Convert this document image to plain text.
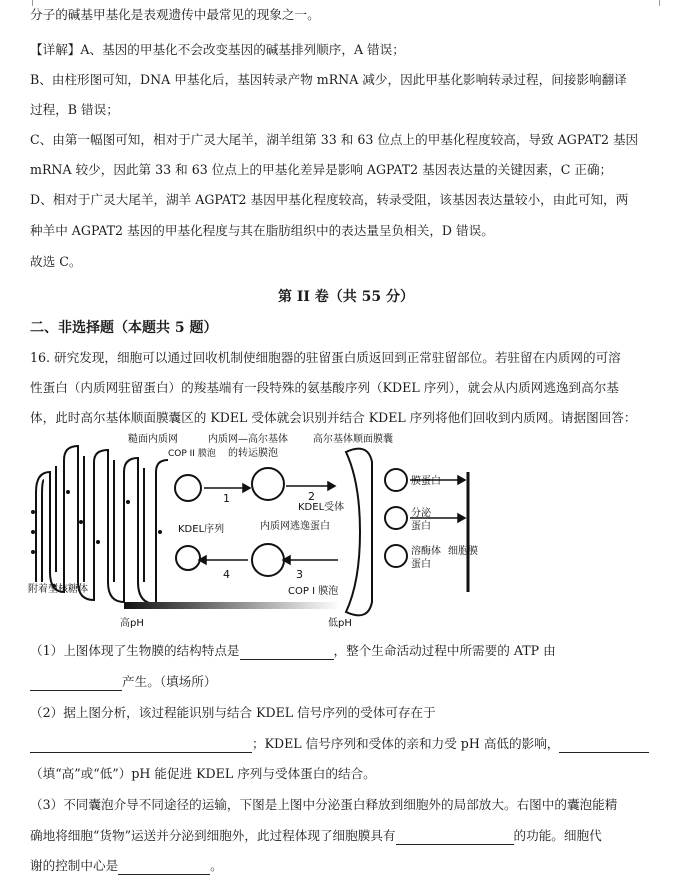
分子的碱基甲基化是表观遗传中最常见的现象之一。
【详解】A、基因的甲基化不会改变基因的碱基排列顺序，A 错误；
B、由柱形图可知，DNA 甲基化后，基因转录产物 mRNA 减少，因此甲基化影响转录过程，间接影响翻译
过程，B 错误；
C、由第一幅图可知，相对于广灵大尾羊，湖羊组第 33 和 63 位点上的甲基化程度较高，导致 AGPAT2 基因
mRNA 较少，因此第 33 和 63 位点上的甲基化差异是影响 AGPAT2 基因表达量的关键因素，C 正确；
D、相对于广灵大尾羊，湖羊 AGPAT2 基因甲基化程度较高，转录受阻，该基因表达量较小，由此可知，两
种羊中 AGPAT2 基因的甲基化程度与其在脂肪组织中的表达量呈负相关，D 错误。
故选 C。
第 II 卷（共 55 分）
二、非选择题（本题共 5 题）
16. 研究发现，细胞可以通过回收机制使细胞器的驻留蛋白质返回到正常驻留部位。若驻留在内质网的可溶
性蛋白（内质网驻留蛋白）的羧基端有一段特殊的氨基酸序列（KDEL 序列），就会从内质网逃逸到高尔基
体，此时高尔基体顺面膜囊区的 KDEL 受体就会识别并结合 KDEL 序列将他们回收到内质网。请据图回答：
糙面内质网
COP II 膜泡
内质网—高尔基体
的转运膜泡
高尔基体顺面膜囊
KDEL受体
KDEL序列	内质网逃逸蛋白
膜蛋白
分泌
蛋白
溶酶体
蛋白
细胞膜
COP I 膜泡
附着型核糖体
高pH	低pH
1	2
3
4
（1）上图体现了生物膜的结构特点是	，整个生命活动过程中所需要的 ATP 由
产生。（填场所）
（2）据上图分析，该过程能识别与结合 KDEL 信号序列的受体可存在于
；KDEL 信号序列和受体的亲和力受 pH 高低的影响，
（填“高”或“低”）pH 能促进 KDEL 序列与受体蛋白的结合。
（3）不同囊泡介导不同途径的运输，下图是上图中分泌蛋白释放到细胞外的局部放大。右图中的囊泡能精
确地将细胞“货物”运送并分泌到细胞外，此过程体现了细胞膜具有	的功能。细胞代
谢的控制中心是	。
